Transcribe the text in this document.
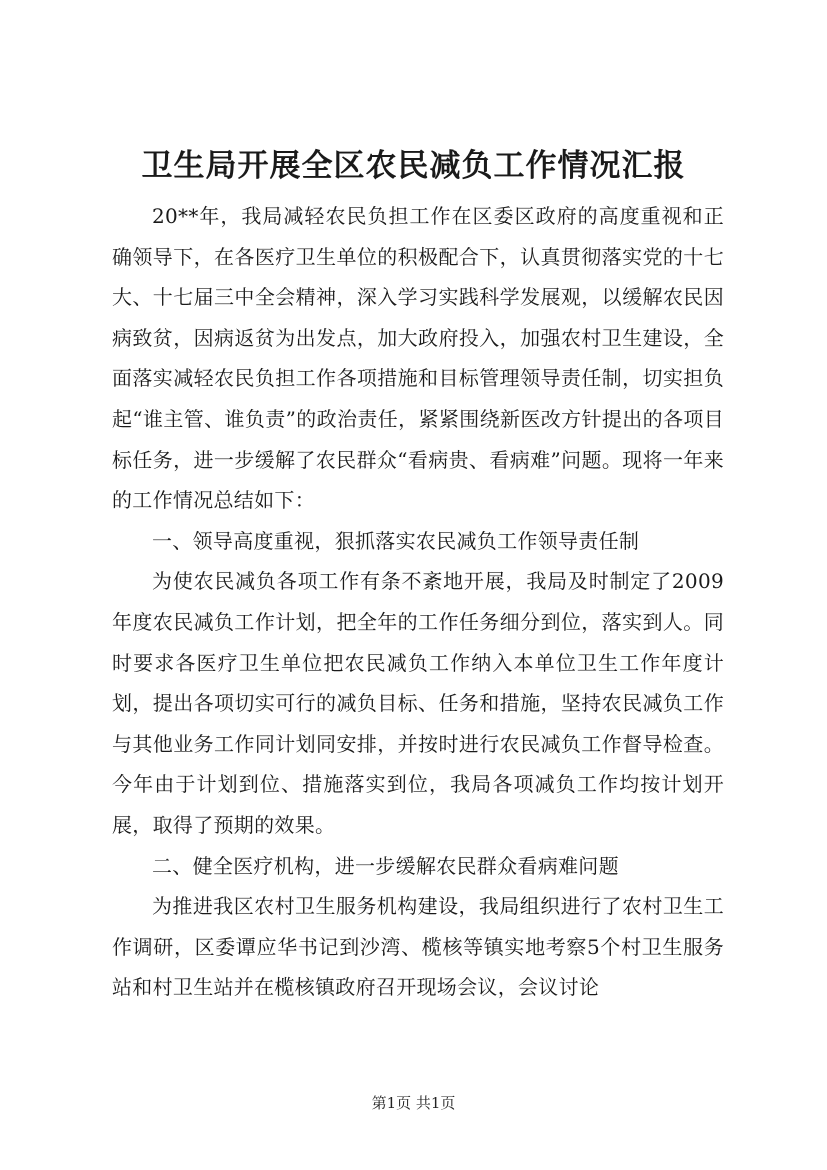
卫生局开展全区农民减负工作情况汇报

20**年，我局减轻农民负担工作在区委区政府的高度重视和正确领导下，在各医疗卫生单位的积极配合下，认真贯彻落实党的十七大、十七届三中全会精神，深入学习实践科学发展观，以缓解农民因病致贫，因病返贫为出发点，加大政府投入，加强农村卫生建设，全面落实减轻农民负担工作各项措施和目标管理领导责任制，切实担负起“谁主管、谁负责”的政治责任，紧紧围绕新医改方针提出的各项目标任务，进一步缓解了农民群众“看病贵、看病难”问题。现将一年来的工作情况总结如下：

一、领导高度重视，狠抓落实农民减负工作领导责任制

为使农民减负各项工作有条不紊地开展，我局及时制定了2009年度农民减负工作计划，把全年的工作任务细分到位，落实到人。同时要求各医疗卫生单位把农民减负工作纳入本单位卫生工作年度计划，提出各项切实可行的减负目标、任务和措施，坚持农民减负工作与其他业务工作同计划同安排，并按时进行农民减负工作督导检查。今年由于计划到位、措施落实到位，我局各项减负工作均按计划开展，取得了预期的效果。

二、健全医疗机构，进一步缓解农民群众看病难问题

为推进我区农村卫生服务机构建设，我局组织进行了农村卫生工作调研，区委谭应华书记到沙湾、榄核等镇实地考察5个村卫生服务站和村卫生站并在榄核镇政府召开现场会议，会议讨论

第1页 共1页
